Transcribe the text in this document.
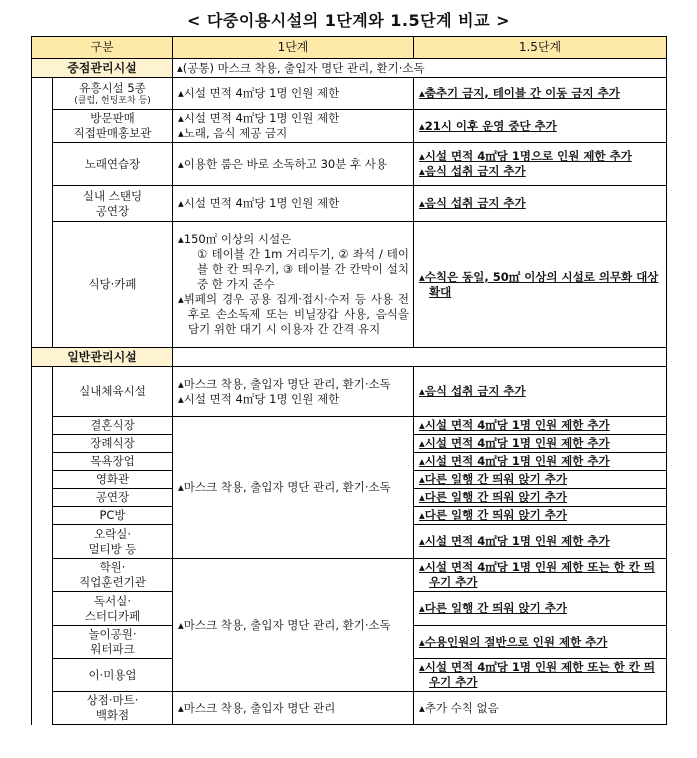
< 다중이용시설의 1단계와 1.5단계 비교 >
구분		1단계	1.5단계
중점관리시설		▴(공통) 마스크 착용, 출입자 명단 관리, 환기·소독	
	유흥시설 5종
(클럽, 헌팅포차 등)	▴시설 면적 4㎡당 1명 인원 제한	▴춤추기 금지, 테이블 간 이동 금지 추가

	방문판매
직접판매홍보관	▴시설 면적 4㎡당 1명 인원 제한
▴노래, 음식 제공 금지	▴21시 이후 운영 중단 추가

	노래연습장	▴이용한 룸은 바로 소독하고 30분 후 사용	▴시설 면적 4㎡당 1명으로 인원 제한 추가
▴음식 섭취 금지 추가

	실내 스탠딩
공연장	▴시설 면적 4㎡당 1명 인원 제한	▴음식 섭취 금지 추가

	식당·카페	▴150㎡ 이상의 시설은
① 테이블 간 1m 거리두기, ② 좌석 / 테이블 한 칸 띄우기, ③ 테이블 간 칸막이 설치 중 한 가지 준수
▴뷔페의 경우 공용 집게·접시·수저 등 사용 전후로 손소독제 또는 비닐장갑 사용, 음식을 담기 위한 대기 시 이용자 간 간격 유지	▴수칙은 동일, 50㎡ 이상의 시설로 의무화 대상 확대

일반관리시설			
	실내체육시설	▴마스크 착용, 출입자 명단 관리, 환기·소독
▴시설 면적 4㎡당 1명 인원 제한	▴음식 섭취 금지 추가

	결혼식장	▴마스크 착용, 출입자 명단 관리, 환기·소독	▴시설 면적 4㎡당 1명 인원 제한 추가

	장례식장		▴시설 면적 4㎡당 1명 인원 제한 추가

	목욕장업		▴시설 면적 4㎡당 1명 인원 제한 추가

	영화관		▴다른 일행 간 띄워 앉기 추가

	공연장		▴다른 일행 간 띄워 앉기 추가

	PC방		▴다른 일행 간 띄워 앉기 추가

	오락실·
멀티방 등		▴시설 면적 4㎡당 1명 인원 제한 추가

	학원·
직업훈련기관	▴마스크 착용, 출입자 명단 관리, 환기·소독	▴시설 면적 4㎡당 1명 인원 제한 또는 한 칸 띄우기 추가

	독서실·
스터디카페		▴다른 일행 간 띄워 앉기 추가

	놀이공원·
워터파크		▴수용인원의 절반으로 인원 제한 추가

	이·미용업		▴시설 면적 4㎡당 1명 인원 제한 또는 한 칸 띄우기 추가

	상점·마트·
백화점	▴마스크 착용, 출입자 명단 관리	▴추가 수칙 없음
